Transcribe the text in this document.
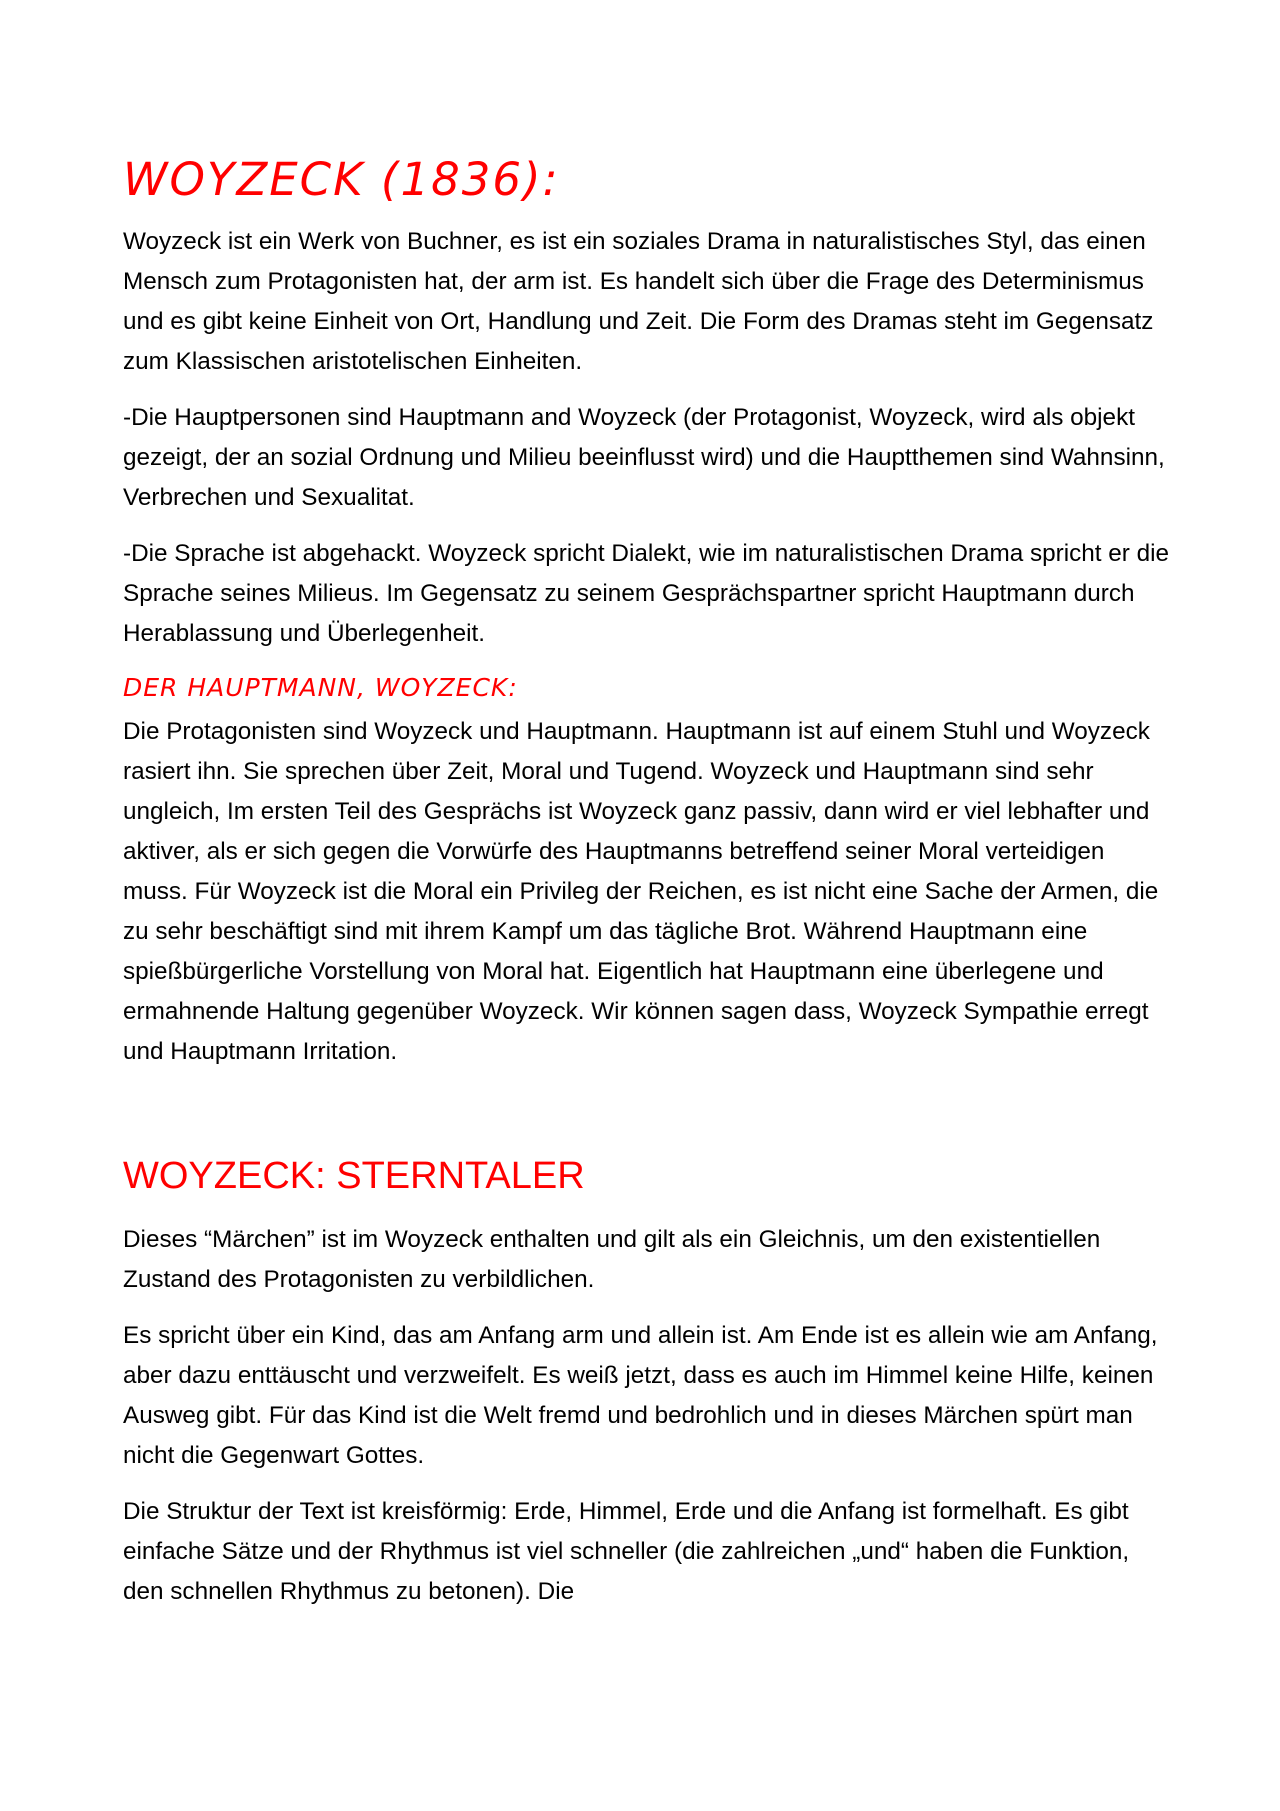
WOYZECK (1836):

Woyzeck ist ein Werk von Buchner, es ist ein soziales Drama in naturalistisches Styl, das einen Mensch zum Protagonisten hat, der arm ist. Es handelt sich über die Frage des Determinismus und es gibt keine Einheit von Ort, Handlung und Zeit. Die Form des Dramas steht im Gegensatz zum Klassischen aristotelischen Einheiten.

-Die Hauptpersonen sind Hauptmann and Woyzeck (der Protagonist, Woyzeck, wird als objekt gezeigt, der an sozial Ordnung und Milieu beeinflusst wird) und die Hauptthemen sind Wahnsinn, Verbrechen und Sexualitat.

-Die Sprache ist abgehackt. Woyzeck spricht Dialekt, wie im naturalistischen Drama spricht er die Sprache seines Milieus. Im Gegensatz zu seinem Gesprächspartner spricht Hauptmann durch Herablassung und Überlegenheit.

DER HAUPTMANN, WOYZECK:

Die Protagonisten sind Woyzeck und Hauptmann. Hauptmann ist auf einem Stuhl und Woyzeck rasiert ihn. Sie sprechen über Zeit, Moral und Tugend. Woyzeck und Hauptmann sind sehr ungleich, Im ersten Teil des Gesprächs ist Woyzeck ganz passiv, dann wird er viel lebhafter und aktiver, als er sich gegen die Vorwürfe des Hauptmanns betreffend seiner Moral verteidigen muss. Für Woyzeck ist die Moral ein Privileg der Reichen, es ist nicht eine Sache der Armen, die zu sehr beschäftigt sind mit ihrem Kampf um das tägliche Brot. Während Hauptmann eine spießbürgerliche Vorstellung von Moral hat. Eigentlich hat Hauptmann eine überlegene und ermahnende Haltung gegenüber Woyzeck. Wir können sagen dass, Woyzeck Sympathie erregt und Hauptmann Irritation.

WOYZECK: STERNTALER

Dieses “Märchen” ist im Woyzeck enthalten und gilt als ein Gleichnis, um den existentiellen Zustand des Protagonisten zu verbildlichen.

Es spricht über ein Kind, das am Anfang arm und allein ist. Am Ende ist es allein wie am Anfang, aber dazu enttäuscht und verzweifelt. Es weiß jetzt, dass es auch im Himmel keine Hilfe, keinen Ausweg gibt. Für das Kind ist die Welt fremd und bedrohlich und in dieses Märchen spürt man nicht die Gegenwart Gottes.

Die Struktur der Text ist kreisförmig: Erde, Himmel, Erde und die Anfang ist formelhaft. Es gibt einfache Sätze und der Rhythmus ist viel schneller (die zahlreichen „und“ haben die Funktion, den schnellen Rhythmus zu betonen). Die
